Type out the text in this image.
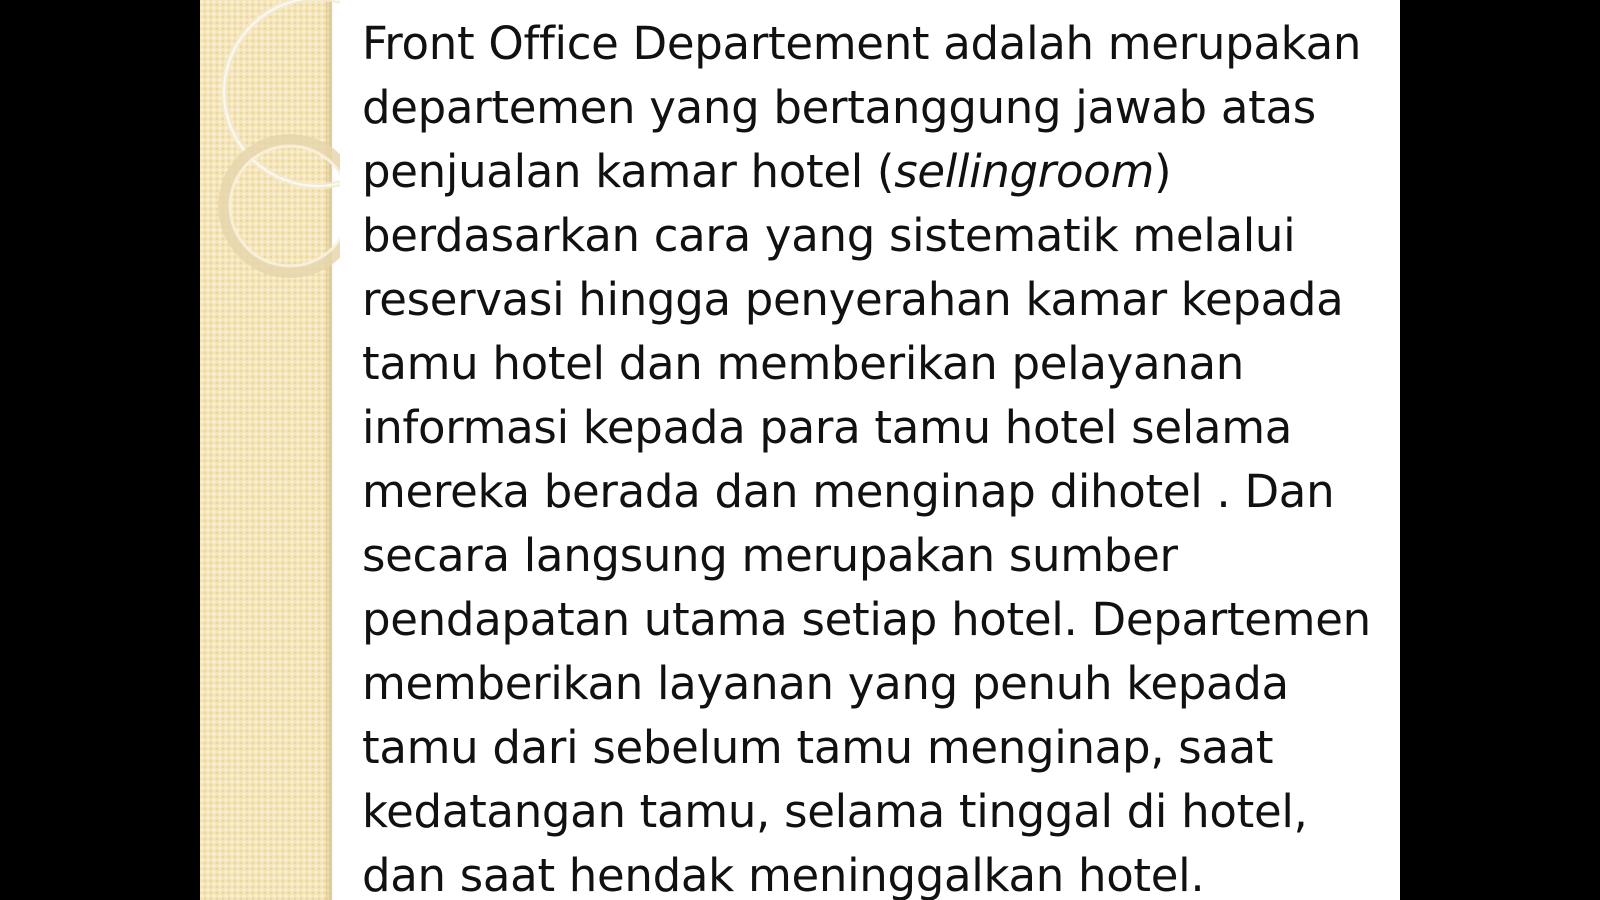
Front Office Departement adalah merupakan departemen yang bertanggung jawab atas penjualan kamar hotel (sellingroom) berdasarkan cara yang sistematik melalui reservasi hingga penyerahan kamar kepada tamu hotel dan memberikan pelayanan informasi kepada para tamu hotel selama mereka berada dan menginap dihotel . Dan secara langsung merupakan sumber pendapatan utama setiap hotel. Departemen memberikan layanan yang penuh kepada tamu dari sebelum tamu menginap, saat kedatangan tamu, selama tinggal di hotel, dan saat hendak meninggalkan hotel.
